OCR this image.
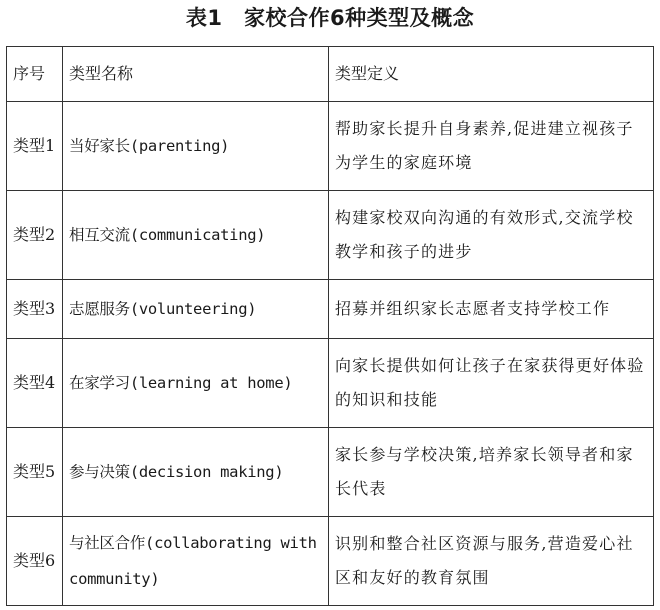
表1　家校合作6种类型及概念
序号	类型名称	类型定义
类型1	当好家长(parenting)	帮助家长提升自身素养,促进建立视孩子为学生的家庭环境
类型2	相互交流(communicating)	构建家校双向沟通的有效形式,交流学校教学和孩子的进步
类型3	志愿服务(volunteering)	招募并组织家长志愿者支持学校工作
类型4	在家学习(learning at home)	向家长提供如何让孩子在家获得更好体验的知识和技能
类型5	参与决策(decision making)	家长参与学校决策,培养家长领导者和家长代表
类型6	与社区合作(collaborating with community)	识别和整合社区资源与服务,营造爱心社区和友好的教育氛围
